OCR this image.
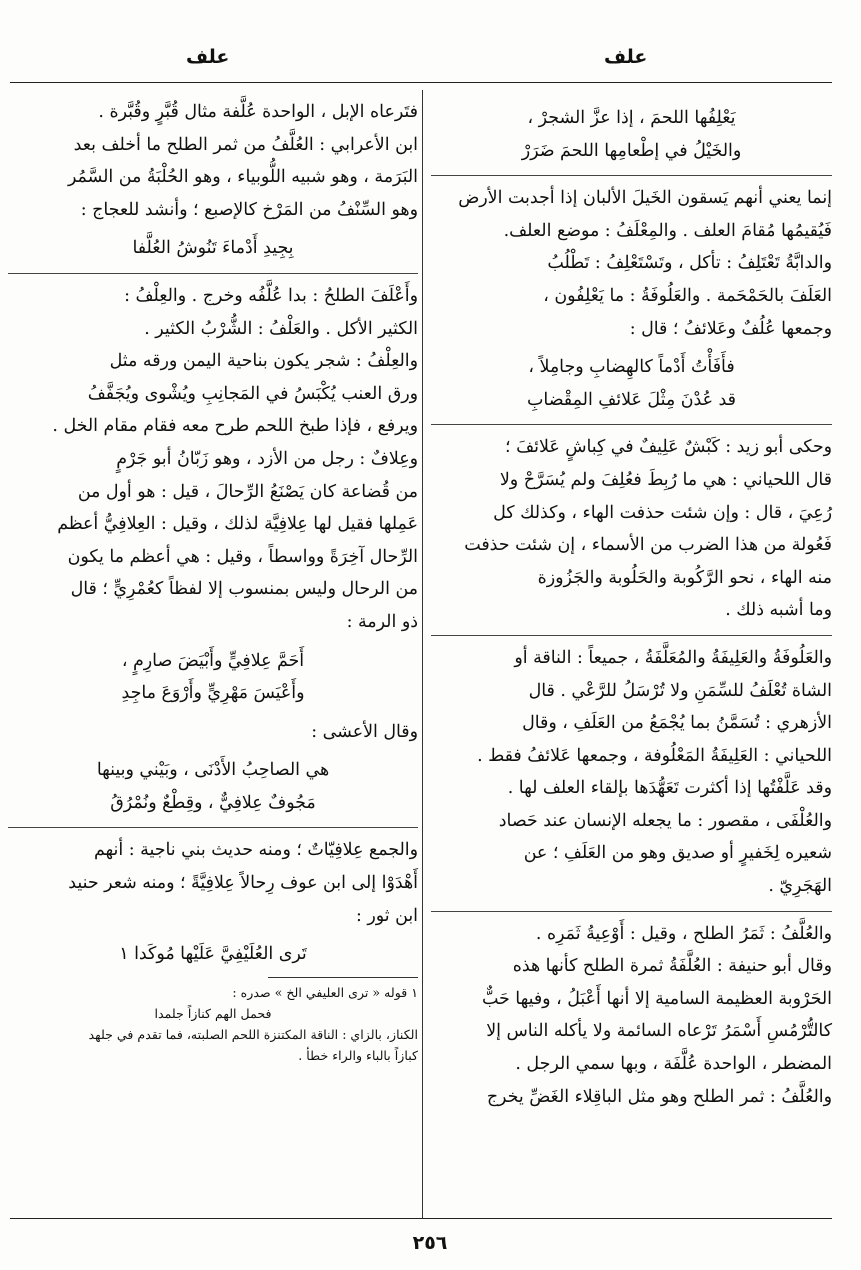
علف
علف

يَعْلِفُها اللحمَ ، إذا عزَّ الشجرْ ،

والخَيْلُ في إطْعامِها اللحمَ ضَرَرْ

إنما يعني أنهم يَسقون الخَيلَ الألبان إذا أجدبت الأرض

فَيُقيمُها مُقامَ العلف . والمِعْلَفُ : موضع العلف.

والدابَّةُ تَعْتَلِفُ : تأكل ، وتَسْتَعْلِفُ : تَطْلُبُ

العَلَفَ بالحَمْحَمة . والعَلُوفَةُ : ما يَعْلِفُون ،

وجمعها عُلُفٌ وعَلائفُ ؛ قال :

فأَفَأْتُ أَدْماً كالهِضابِ وجامِلاً ،

قد عُدْنَ مِثْلَ عَلائفِ المِقْضابِ

وحكى أبو زيد : كَبْشٌ عَلِيفٌ في كِباشٍ عَلائفَ ؛

قال اللحياني : هي ما رُبِطَ فعُلِفَ ولم يُسَرَّحْ ولا

رُعِيَ ، قال : وإن شئت حذفت الهاء ، وكذلك كل

فَعُولة من هذا الضرب من الأسماء ، إن شئت حذفت

منه الهاء ، نحو الرَّكُوبة والحَلُوبة والجَزُوزة

وما أشبه ذلك .

والعَلُوفَةُ والعَلِيفَةُ والمُعَلَّفَةُ ، جميعاً : الناقة أو

الشاة تُعْلَفُ للسِّمَنِ ولا تُرْسَلُ للرَّعْي . قال

الأزهري : تُسَمَّنُ بما يُجْمَعُ من العَلَفِ ، وقال

اللحياني : العَلِيفَةُ المَعْلُوفة ، وجمعها عَلائفُ فقط .

وقد عَلَّفْتُها إذا أكثرت تَعَهُّدَها بإلقاء العلف لها .

والعُلْفَى ، مقصور : ما يجعله الإنسان عند حَصاد

شعيره لِخَفيرٍ أو صديق وهو من العَلَفِ ؛ عن

الهَجَرِيّ .

والعُلَّفُ : ثَمَرُ الطلح ، وقيل : أَوْعِيةُ ثَمَرِه .

وقال أبو حنيفة : العُلَّفَةُ ثمرة الطلح كأنها هذه

الحَرْوبة العظيمة السامية إلا أنها أَعْبَلُ ، وفيها حَبٌّ

كالتُّرْمُسِ أَسْمَرُ تَرْعاه السائمة ولا يأكله الناس إلا

المضطر ، الواحدة عُلَّفَة ، وبها سمي الرجل .

والعُلَّفُ : ثمر الطلح وهو مثل الباقِلاء الغَضِّ يخرج

فتَرعاه الإبل ، الواحدة عُلَّفة مثال قُبَّرٍ وقُبَّرة .

ابن الأعرابي : العُلَّفُ من ثمر الطلح ما أخلف بعد

البَرَمة ، وهو شبيه اللُّوبياء ، وهو الحُلْبَةُ من السَّمُر

وهو السِّنْفُ من المَرْخ كالإصبع ؛ وأنشد للعجاج :

بِجِيدِ أَدْماءَ تَنُوشُ العُلَّفا

وأَعْلَفَ الطلحُ : بدا عُلَّفُه وخرج . والعِلْفُ :

الكثير الأكل . والعَلْفُ : الشُّرْبُ الكثير .

والعِلْفُ : شجر يكون بناحية اليمن ورقه مثل

ورق العنب يُكْبَسُ في المَجانِبِ ويُشْوى ويُجَفَّفُ

ويرفع ، فإذا طبخ اللحم طرح معه فقام مقام الخل .

وعِلافٌ : رجل من الأزد ، وهو زَبّانُ أبو جَرْمٍ

من قُضاعة كان يَصْنَعُ الرِّحالَ ، قيل : هو أول من

عَمِلها فقيل لها عِلافِيَّة لذلك ، وقيل : العِلافِيُّ أعظم

الرِّحال آخِرَةً وواسطاً ، وقيل : هي أعظم ما يكون

من الرحال وليس بمنسوب إلا لفظاً كعُمْرِيٍّ ؛ قال

ذو الرمة :

أَحَمَّ عِلافِيٍّ وأَبْيَضَ صارِمٍ ،

وأَعْيَسَ مَهْرِيٍّ وأَرْوَعَ ماجِدِ

وقال الأعشى :

هي الصاحِبُ الأَدْنَى ، وبَيْني وبينها

مَجُوفٌ عِلافِيٌّ ، وقِطْعٌ ونُمْرُقُ

والجمع عِلافِيّاتٌ ؛ ومنه حديث بني ناجية : أنهم

أَهْدَوْا إلى ابن عوف رِحالاً عِلافِيَّةً ؛ ومنه شعر حنيد

ابن ثور :

تَرى العُلَيْفِيَّ عَلَيْها مُوكَدا ١

١ قوله « ترى العليفي الخ » صدره :

فحمل الهم كنازاً جلمدا

الكناز، بالزاي : الناقة المكتنزة اللحم الصلبته، فما تقدم في جلهد

كبازاً بالباء والراء خطأ .

٢٥٦
